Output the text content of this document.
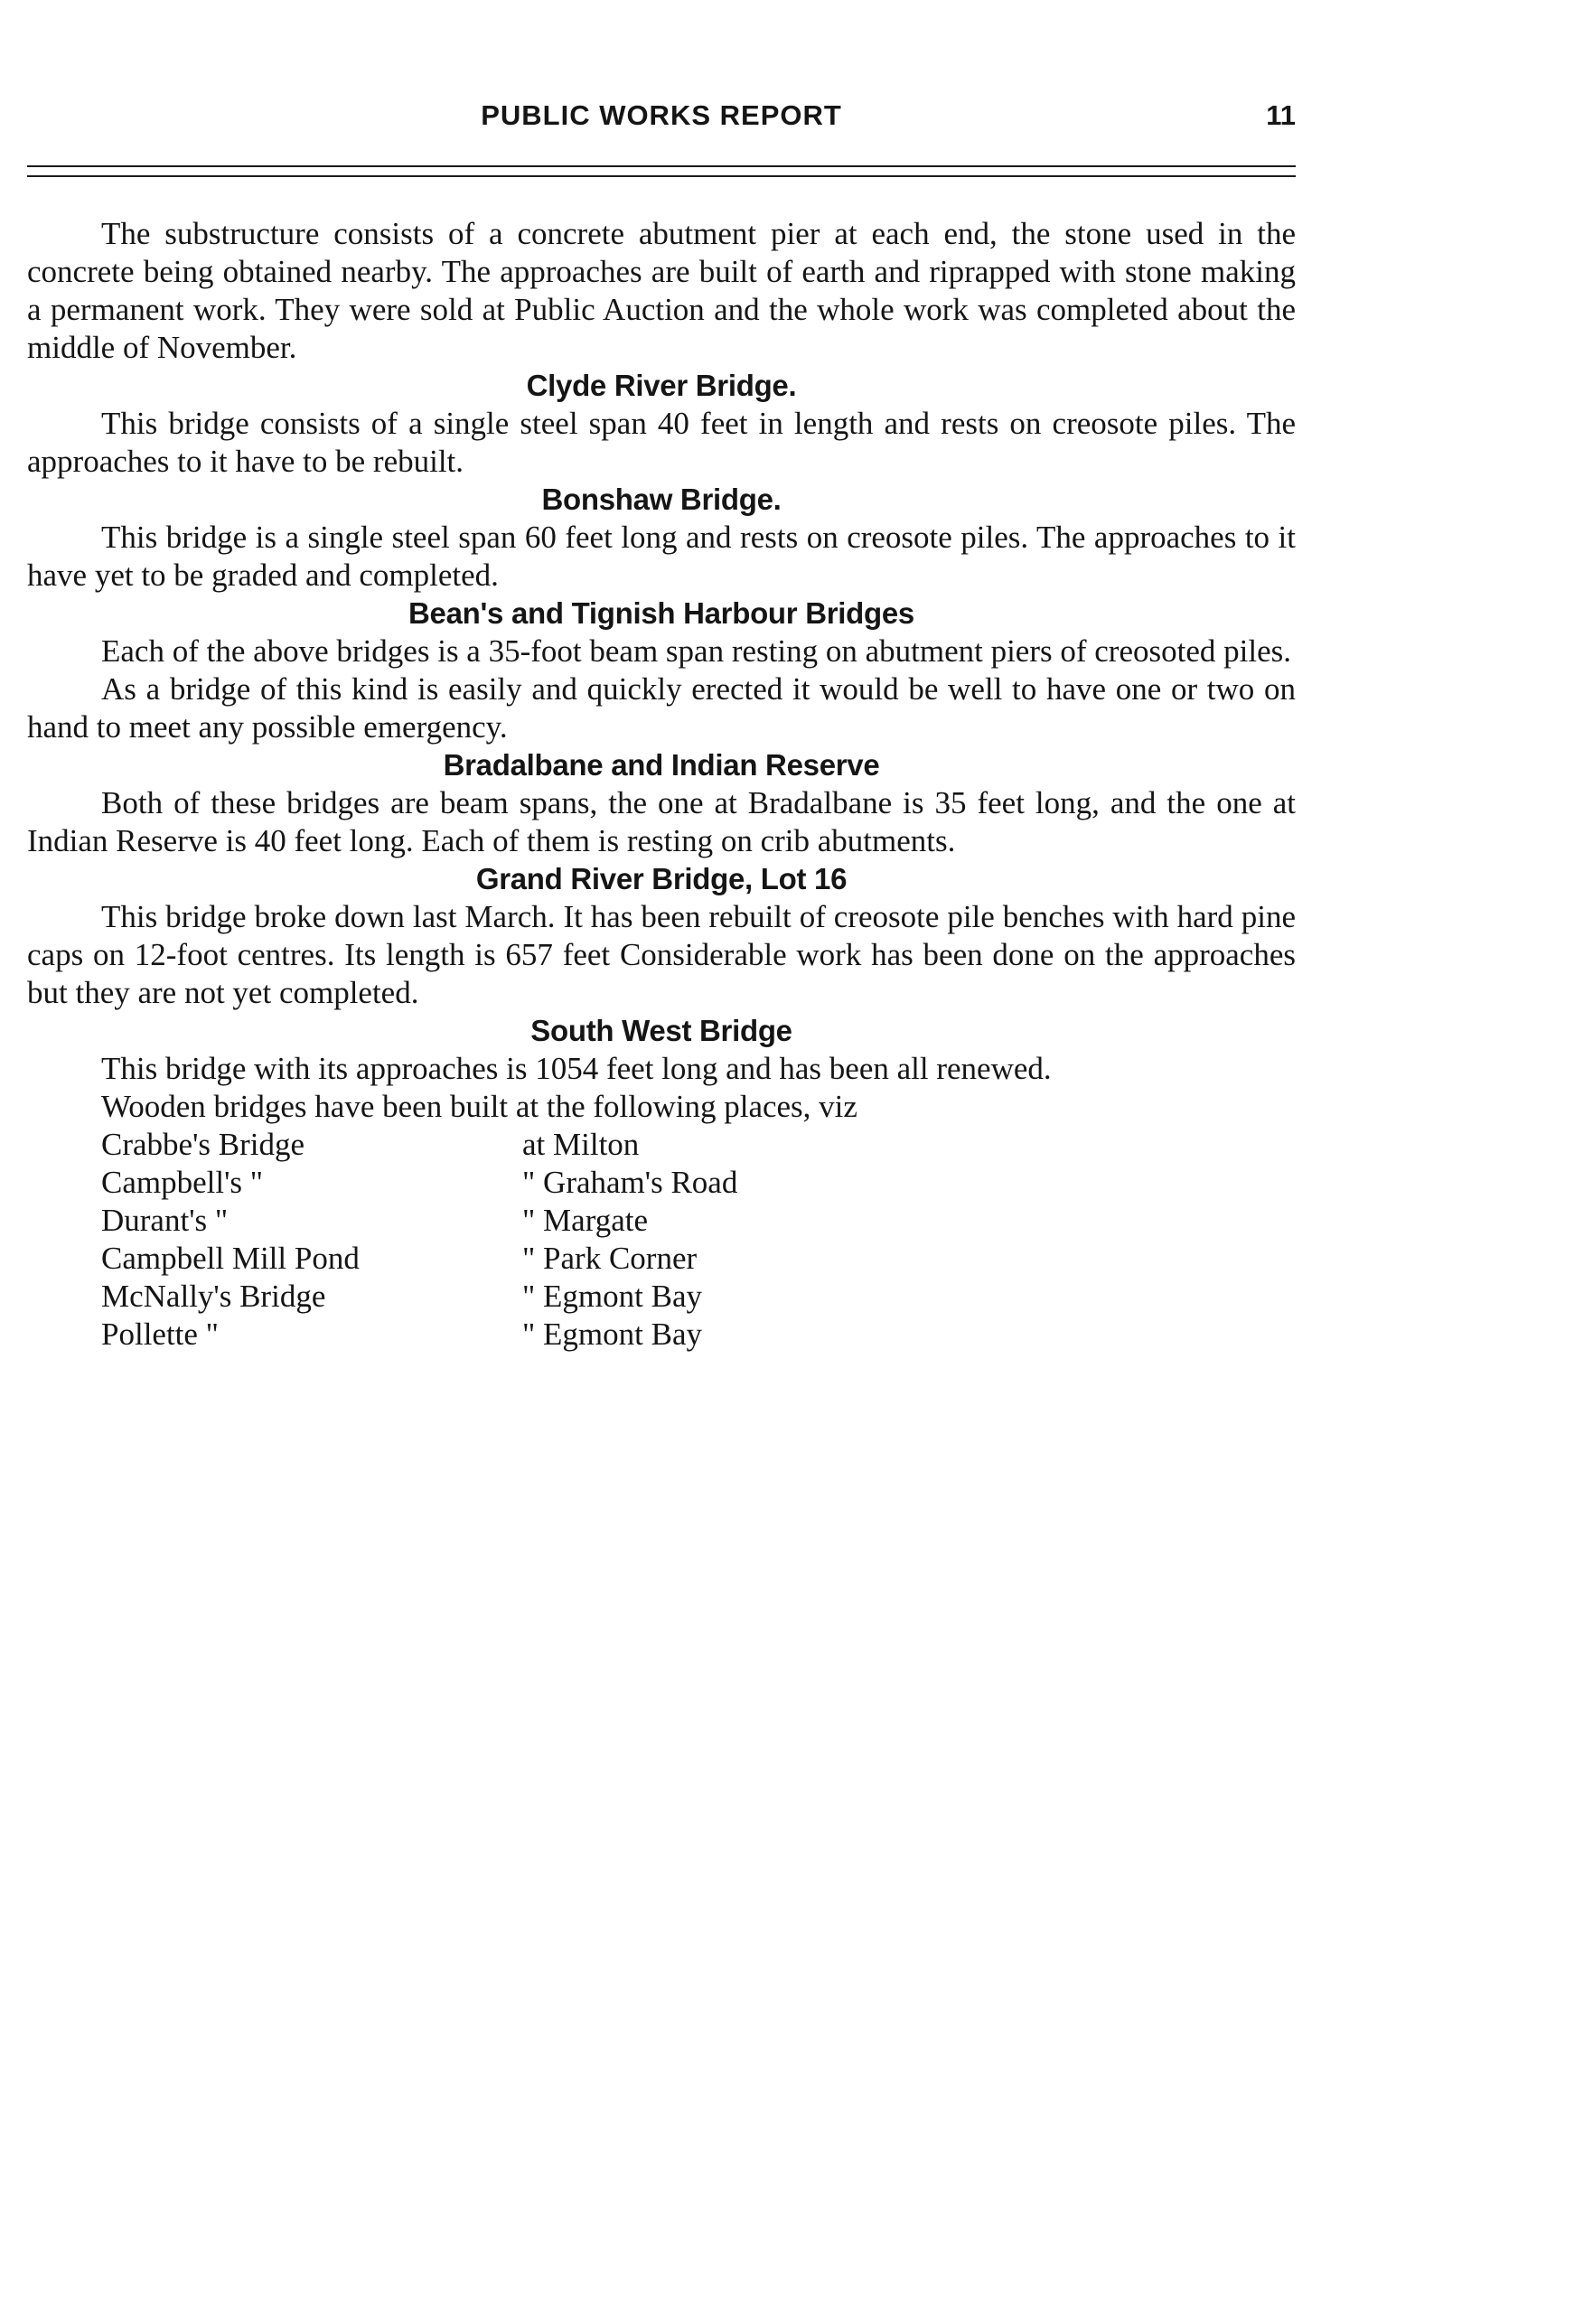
PUBLIC WORKS REPORT	11

The substructure consists of a concrete abutment pier at each end, the stone used in the concrete being obtained nearby. The approaches are built of earth and riprapped with stone making a permanent work. They were sold at Public Auction and the whole work was completed about the middle of November.

Clyde River Bridge.

This bridge consists of a single steel span 40 feet in length and rests on creosote piles. The approaches to it have to be rebuilt.

Bonshaw Bridge.

This bridge is a single steel span 60 feet long and rests on creosote piles. The approaches to it have yet to be graded and completed.

Bean's and Tignish Harbour Bridges

Each of the above bridges is a 35-foot beam span resting on abutment piers of creosoted piles.

As a bridge of this kind is easily and quickly erected it would be well to have one or two on hand to meet any possible emergency.

Bradalbane and Indian Reserve

Both of these bridges are beam spans, the one at Bradalbane is 35 feet long, and the one at Indian Reserve is 40 feet long. Each of them is resting on crib abutments.

Grand River Bridge, Lot 16

This bridge broke down last March. It has been rebuilt of creosote pile benches with hard pine caps on 12-foot centres. Its length is 657 feet Considerable work has been done on the approaches but they are not yet completed.

South West Bridge

This bridge with its approaches is 1054 feet long and has been all renewed.

Wooden bridges have been built at the following places, viz

Crabbe's Bridge	at Milton
Campbell's "	" Graham's Road
Durant's "	" Margate
Campbell Mill Pond	" Park Corner
McNally's Bridge	" Egmont Bay
Pollette "	" Egmont Bay
